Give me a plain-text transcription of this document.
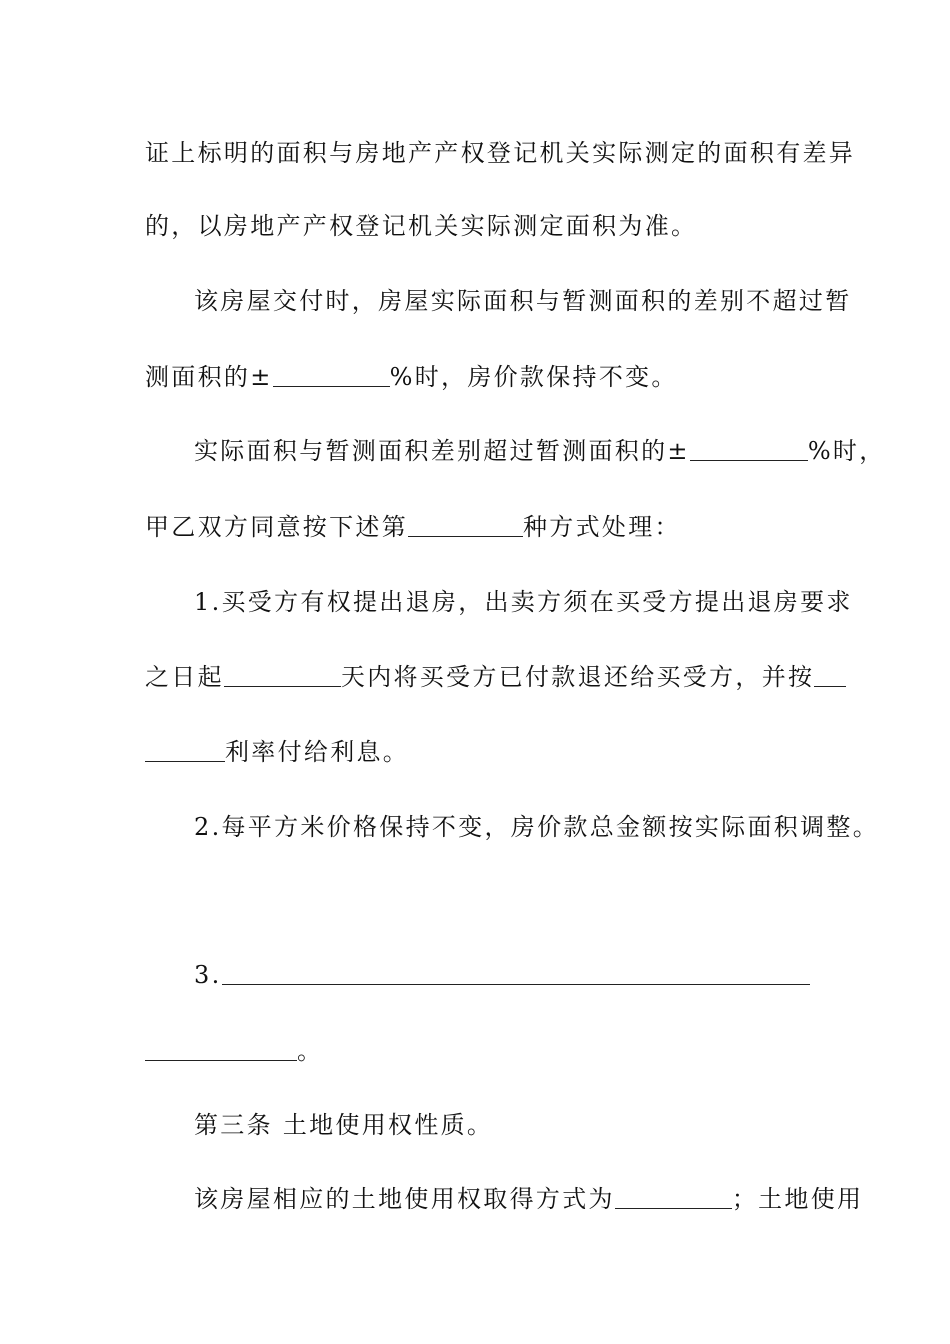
证上标明的面积与房地产产权登记机关实际测定的面积有差异
的，以房地产产权登记机关实际测定面积为准。
该房屋交付时，房屋实际面积与暂测面积的差别不超过暂
测面积的±	%时，房价款保持不变。
实际面积与暂测面积差别超过暂测面积的±	%时，
甲乙双方同意按下述第	种方式处理：
1.买受方有权提出退房，出卖方须在买受方提出退房要求
之日起	天内将买受方已付款退还给买受方，并按
利率付给利息。
2.每平方米价格保持不变，房价款总金额按实际面积调整。
3.
。
第三条 土地使用权性质。
该房屋相应的土地使用权取得方式为	；土地使用
